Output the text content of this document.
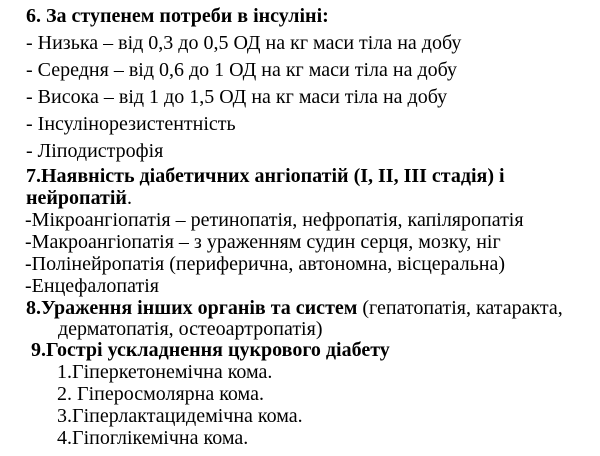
6. За ступенем потреби в інсуліні:
- Низька – від 0,3 до 0,5 ОД на кг маси тіла на добу
- Середня – від 0,6 до 1 ОД на кг маси тіла на добу
- Висока – від 1 до 1,5 ОД на кг маси тіла на добу
- Інсулінорезистентність
- Ліподистрофія
7.Наявність діабетичних ангіопатій (I, II, III стадія) і
нейропатій.
-Мікроангіопатія – ретинопатія, нефропатія, капіляропатія
-Макроангіопатія – з ураженням судин серця, мозку, ніг
-Полінейропатія (периферична, автономна, вісцеральна)
-Енцефалопатія
8.Ураження інших органів та систем (гепатопатія, катаракта,
дерматопатія, остеоартропатія)
9.Гострі ускладнення цукрового діабету
1.Гіперкетонемічна кома.
2. Гіперосмолярна кома.
3.Гіперлактацидемічна кома.
4.Гіпоглікемічна кома.
